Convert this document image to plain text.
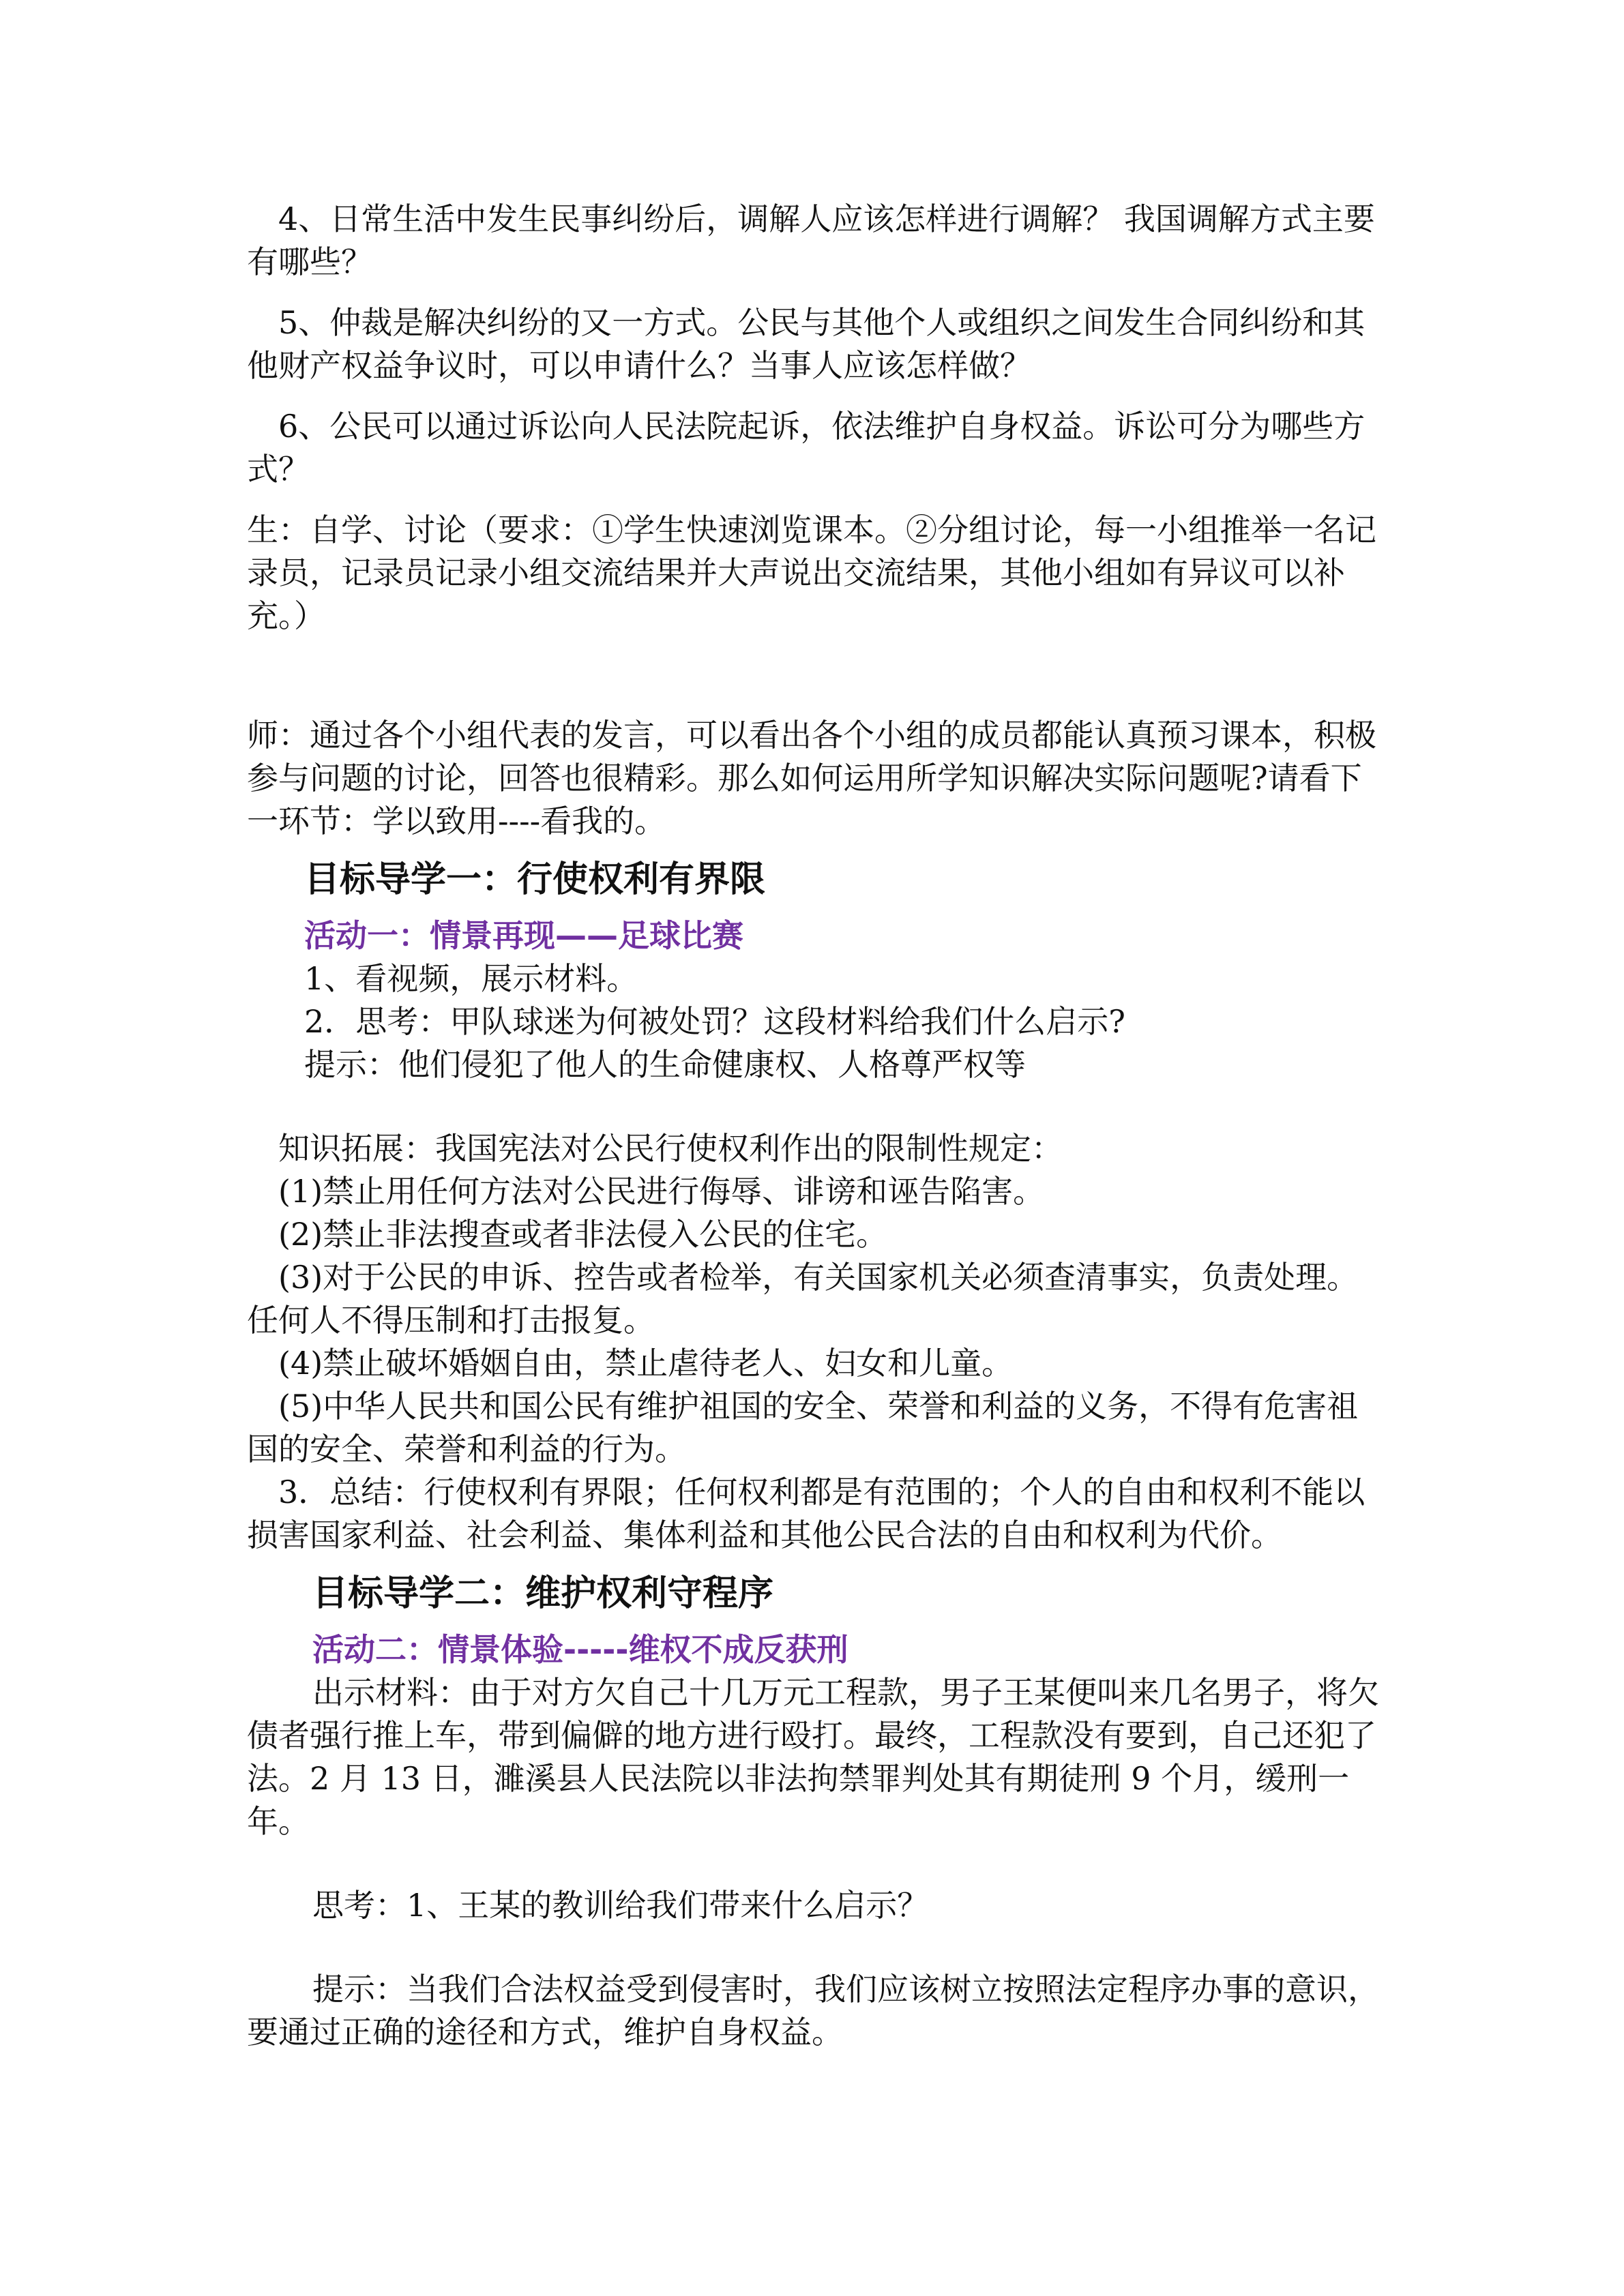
4、日常生活中发生民事纠纷后，调解人应该怎样进行调解？ 我国调解方式主要有哪些？

5、仲裁是解决纠纷的又一方式。公民与其他个人或组织之间发生合同纠纷和其他财产权益争议时，可以申请什么？当事人应该怎样做？

6、公民可以通过诉讼向人民法院起诉，依法维护自身权益。诉讼可分为哪些方式？

生：自学、讨论（要求：①学生快速浏览课本。②分组讨论，每一小组推举一名记录员，记录员记录小组交流结果并大声说出交流结果，其他小组如有异议可以补充。）

师：通过各个小组代表的发言，可以看出各个小组的成员都能认真预习课本，积极参与问题的讨论，回答也很精彩。那么如何运用所学知识解决实际问题呢?请看下一环节：学以致用----看我的。

目标导学一：行使权利有界限

活动一：情景再现——足球比赛

1、看视频，展示材料。

2．思考：甲队球迷为何被处罚？这段材料给我们什么启示?

提示：他们侵犯了他人的生命健康权、人格尊严权等

知识拓展：我国宪法对公民行使权利作出的限制性规定：

(1)禁止用任何方法对公民进行侮辱、诽谤和诬告陷害。

(2)禁止非法搜查或者非法侵入公民的住宅。

(3)对于公民的申诉、控告或者检举，有关国家机关必须查清事实，负责处理。任何人不得压制和打击报复。

(4)禁止破坏婚姻自由，禁止虐待老人、妇女和儿童。

(5)中华人民共和国公民有维护祖国的安全、荣誉和利益的义务，不得有危害祖国的安全、荣誉和利益的行为。

3．总结：行使权利有界限；任何权利都是有范围的；个人的自由和权利不能以损害国家利益、社会利益、集体利益和其他公民合法的自由和权利为代价。

目标导学二：维护权利守程序

活动二：情景体验-----维权不成反获刑

出示材料：由于对方欠自己十几万元工程款，男子王某便叫来几名男子，将欠债者强行推上车，带到偏僻的地方进行殴打。最终，工程款没有要到，自己还犯了法。2 月 13 日，濉溪县人民法院以非法拘禁罪判处其有期徒刑 9 个月，缓刑一年。

思考：1、王某的教训给我们带来什么启示？

提示：当我们合法权益受到侵害时，我们应该树立按照法定程序办事的意识，要通过正确的途径和方式，维护自身权益。
